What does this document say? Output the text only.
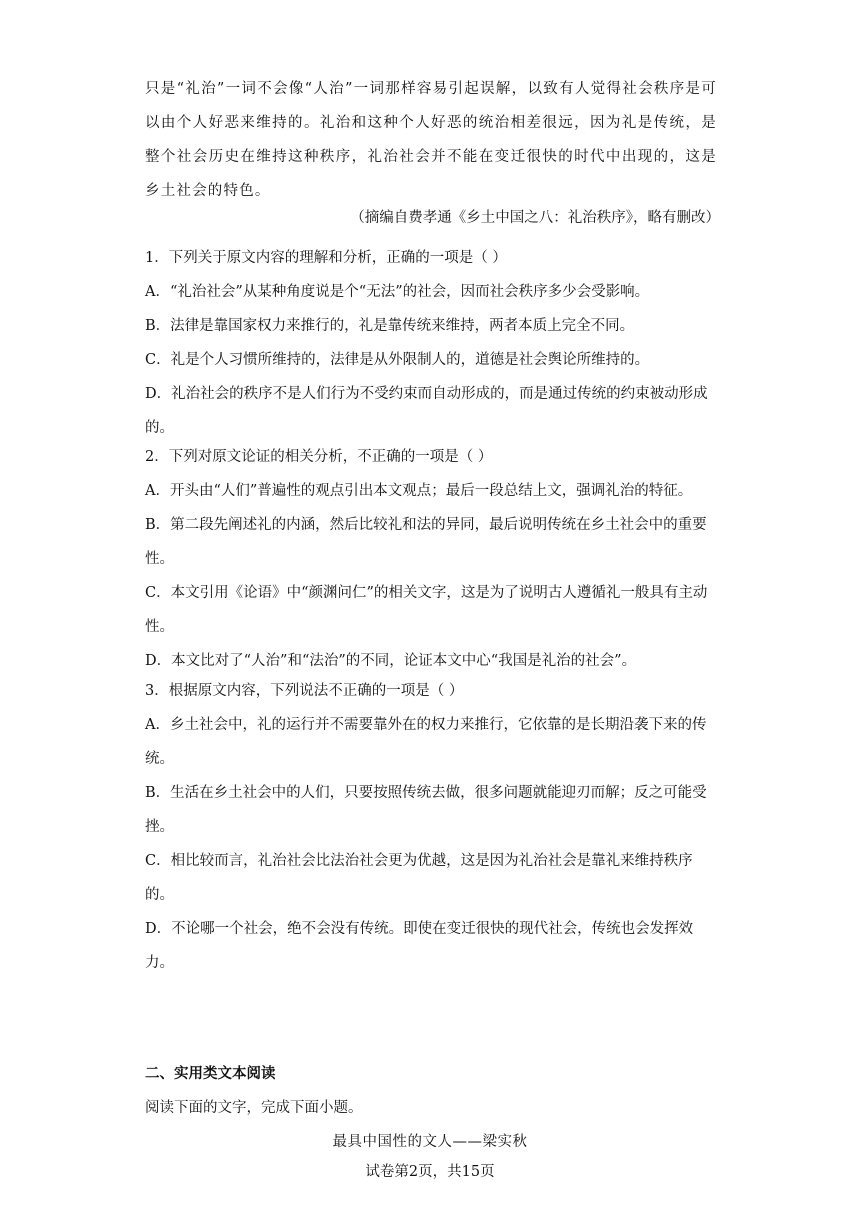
只是“礼治”一词不会像“人治”一词那样容易引起误解，以致有人觉得社会秩序是可以由个人好恶来维持的。礼治和这种个人好恶的统治相差很远，因为礼是传统，是整个社会历史在维持这种秩序，礼治社会并不能在变迁很快的时代中出现的，这是乡土社会的特色。
（摘编自费孝通《乡土中国之八：礼治秩序》，略有删改）
1．下列关于原文内容的理解和分析，正确的一项是（ ）
A．“礼治社会”从某种角度说是个“无法”的社会，因而社会秩序多少会受影响。
B．法律是靠国家权力来推行的，礼是靠传统来维持，两者本质上完全不同。
C．礼是个人习惯所维持的，法律是从外限制人的，道德是社会舆论所维持的。
D．礼治社会的秩序不是人们行为不受约束而自动形成的，而是通过传统的约束被动形成的。
2．下列对原文论证的相关分析，不正确的一项是（ ）
A．开头由“人们”普遍性的观点引出本文观点；最后一段总结上文，强调礼治的特征。
B．第二段先阐述礼的内涵，然后比较礼和法的异同，最后说明传统在乡土社会中的重要性。
C．本文引用《论语》中“颜渊问仁”的相关文字，这是为了说明古人遵循礼一般具有主动性。
D．本文比对了“人治”和“法治”的不同，论证本文中心“我国是礼治的社会”。
3．根据原文内容，下列说法不正确的一项是（ ）
A．乡土社会中，礼的运行并不需要靠外在的权力来推行，它依靠的是长期沿袭下来的传统。
B．生活在乡土社会中的人们，只要按照传统去做，很多问题就能迎刃而解；反之可能受挫。
C．相比较而言，礼治社会比法治社会更为优越，这是因为礼治社会是靠礼来维持秩序的。
D．不论哪一个社会，绝不会没有传统。即使在变迁很快的现代社会，传统也会发挥效力。
二、实用类文本阅读
阅读下面的文字，完成下面小题。
最具中国性的文人——梁实秋
试卷第2页，共15页
